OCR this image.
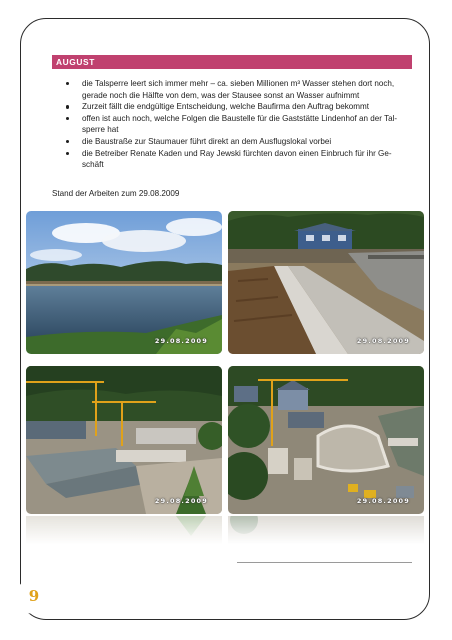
AUGUST
die Talsperre leert sich immer mehr – ca. sieben Millionen m³ Wasser stehen dort noch, gerade noch die Hälfte von dem, was der Stausee sonst an Wasser aufnimmt
Zurzeit fällt die endgültige Entscheidung, welche Baufirma den Auftrag bekommt
offen ist auch noch, welche Folgen die Baustelle für die Gaststätte Lindenhof an der Tal-sperre hat
die Baustraße zur Staumauer führt direkt an dem Ausflugslokal vorbei
die Betreiber Renate Kaden und Ray Jewski fürchten davon einen Einbruch für ihr Ge-schäft
Stand der Arbeiten zum 29.08.2009
29.08.2009	29.08.2009
29.08.2009	29.08.2009
9
